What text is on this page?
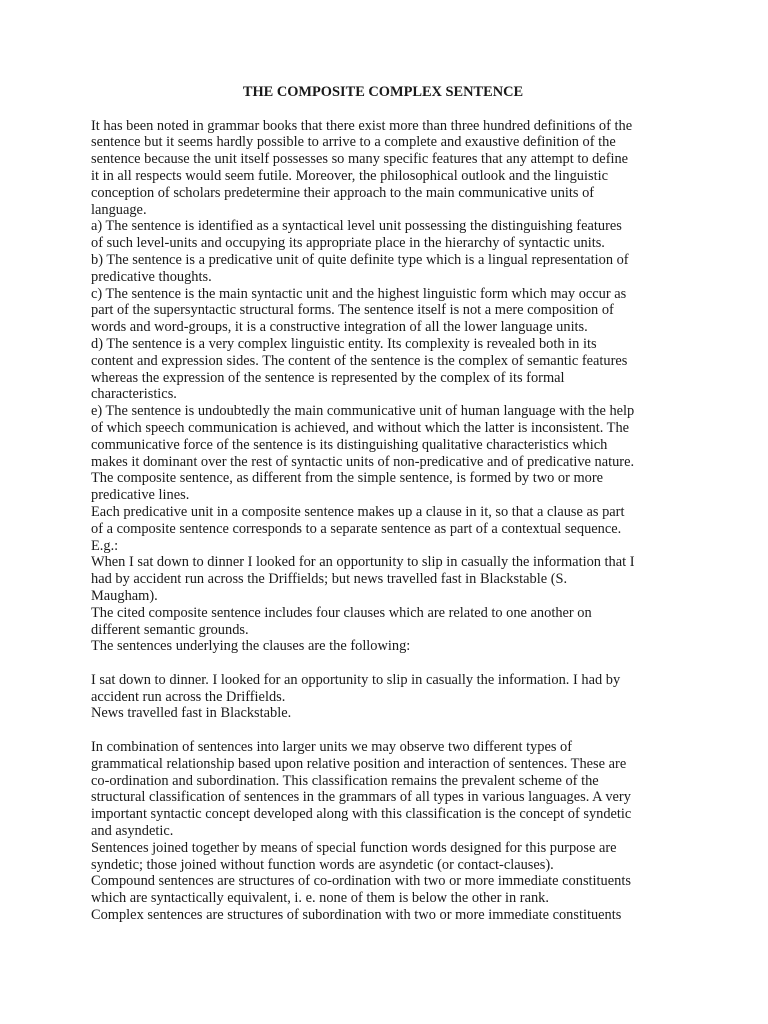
THE COMPOSITE COMPLEX SENTENCE
It has been noted in grammar books that there exist more than three hundred definitions of the
sentence but it seems hardly possible to arrive to a complete and exaustive definition of the
sentence because the unit itself possesses so many specific features that any attempt to define
it in all respects would seem futile. Moreover, the philosophical outlook and the linguistic
conception of scholars predetermine their approach to the main communicative units of
language.
a) The sentence is identified as a syntactical level unit possessing the distinguishing features
of such level-units and occupying its appropriate place in the hierarchy of syntactic units.
b) The sentence is a predicative unit of quite definite type which is a lingual representation of
predicative thoughts.
c) The sentence is the main syntactic unit and the highest linguistic form which may occur as
part of the supersyntactic structural forms. The sentence itself is not a mere composition of
words and word-groups, it is a constructive integration of all the lower language units.
d) The sentence is a very complex linguistic entity. Its complexity is revealed both in its
content and expression sides. The content of the sentence is the complex of semantic features
whereas the expression of the sentence is represented by the complex of its formal
characteristics.
e) The sentence is undoubtedly the main communicative unit of human language with the help
of which speech communication is achieved, and without which the latter is inconsistent. The
communicative force of the sentence is its distinguishing qualitative characteristics which
makes it dominant over the rest of syntactic units of non-predicative and of predicative nature.
The composite sentence, as different from the simple sentence, is formed by two or more
predicative lines.
Each predicative unit in a composite sentence makes up a clause in it, so that a clause as part
of a composite sentence corresponds to a separate sentence as part of a contextual sequence.
E.g.:
When I sat down to dinner I looked for an opportunity to slip in casually the information that I
had by accident run across the Driffields; but news travelled fast in Blackstable (S.
Maugham).
The cited composite sentence includes four clauses which are related to one another on
different semantic grounds.
The sentences underlying the clauses are the following:
I sat down to dinner. I looked for an opportunity to slip in casually the information. I had by
accident run across the Driffields.
News travelled fast in Blackstable.
In combination of sentences into larger units we may observe two different types of
grammatical relationship based upon relative position and interaction of sentences. These are
co-ordination and subordination. This classification remains the prevalent scheme of the
structural classification of sentences in the grammars of all types in various languages. A very
important syntactic concept developed along with this classification is the concept of syndetic
and asyndetic.
Sentences joined together by means of special function words designed for this purpose are
syndetic; those joined without function words are asyndetic (or contact-clauses).
Compound sentences are structures of co-ordination with two or more immediate constituents
which are syntactically equivalent, i. e. none of them is below the other in rank.
Complex sentences are structures of subordination with two or more immediate constituents
